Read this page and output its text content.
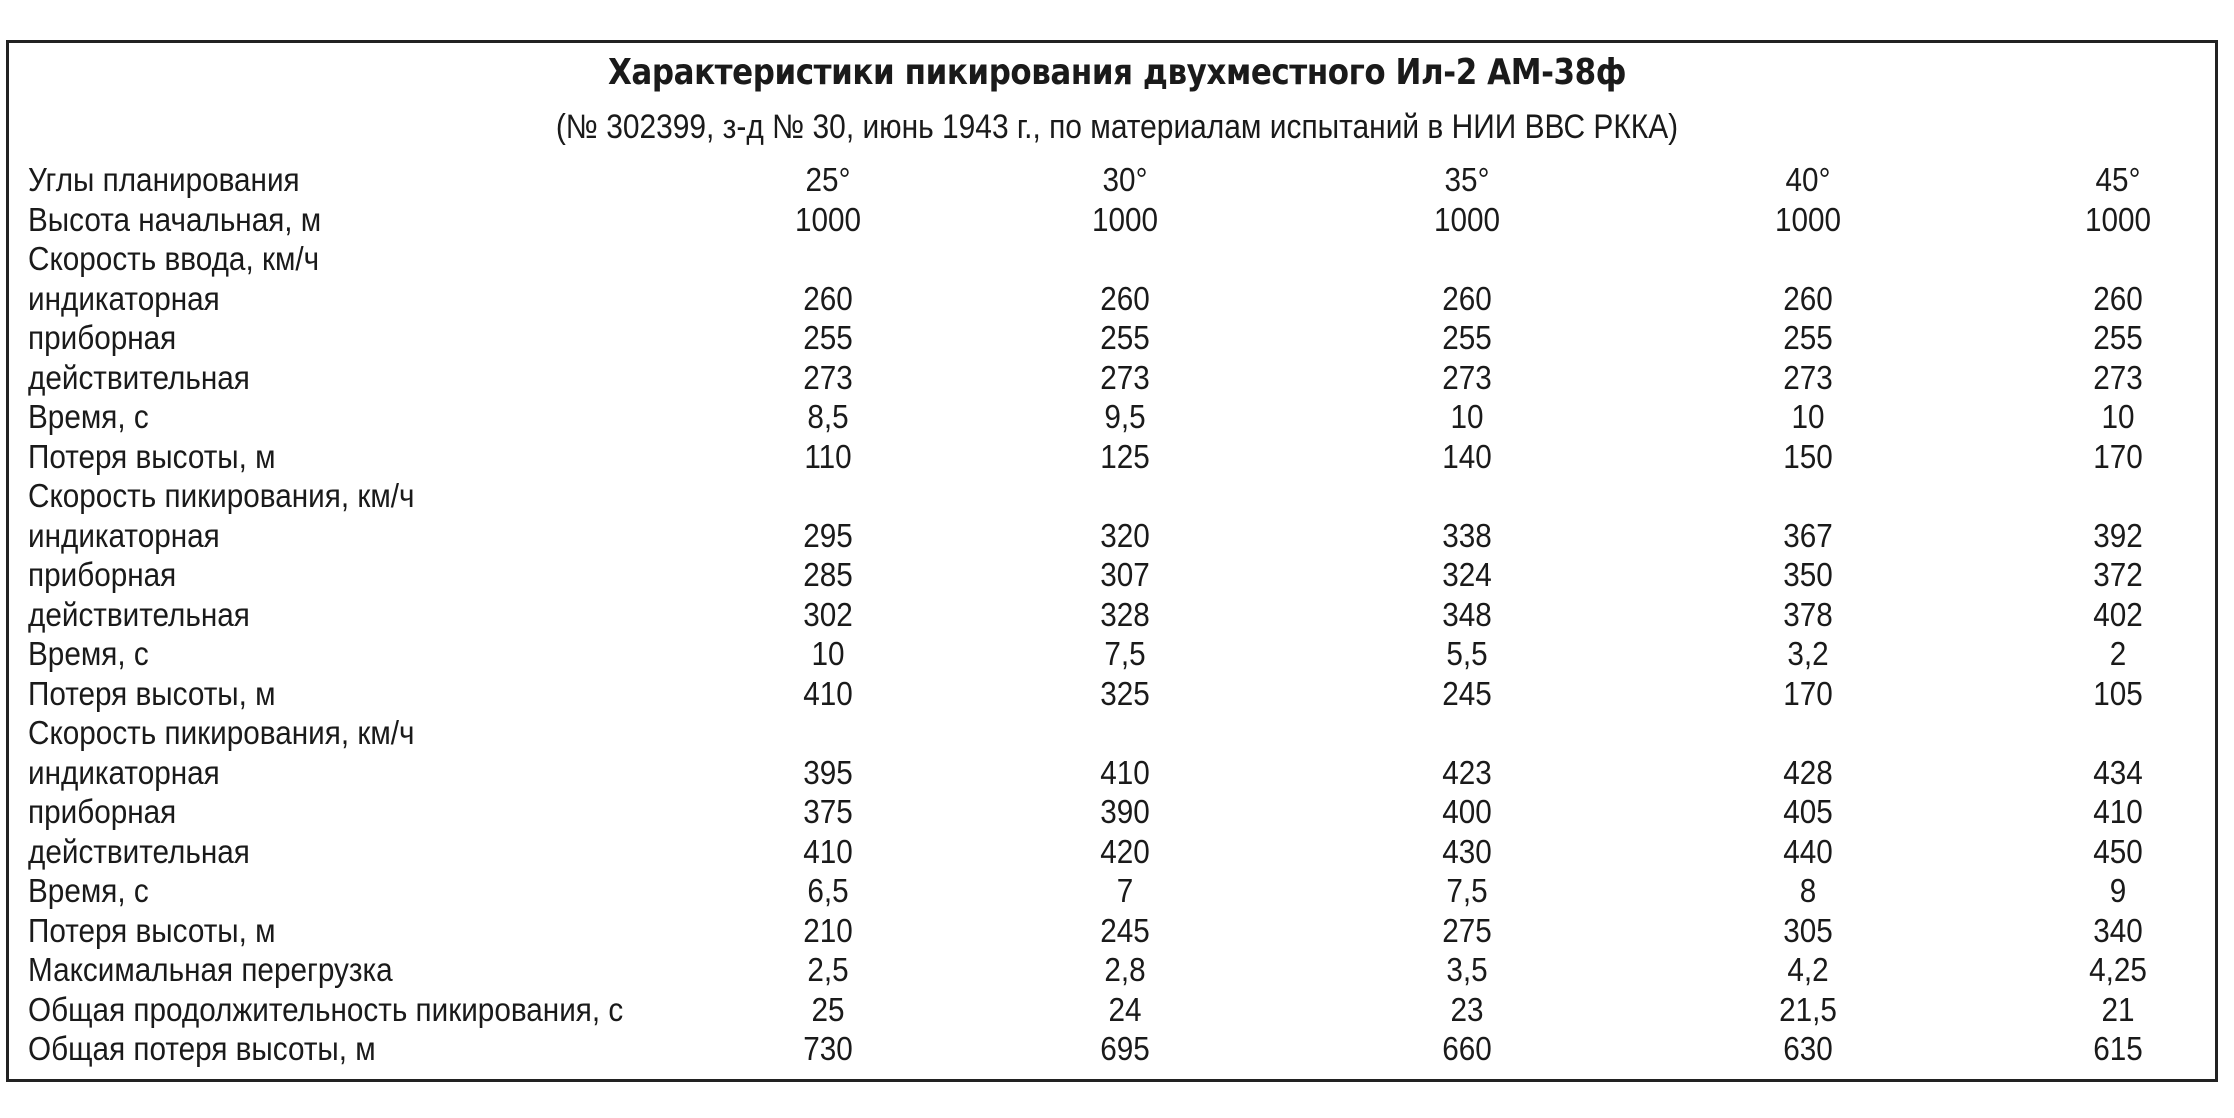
Характеристики пикирования двухместного Ил-2 АМ-38ф
(№ 302399, з-д № 30, июнь 1943 г., по материалам испытаний в НИИ ВВС РККА)
Углы планирования	25°	30°	35°	40°	45°
Высота начальная, м	1000	1000	1000	1000	1000
Скорость ввода, км/ч
индикаторная	260	260	260	260	260
приборная	255	255	255	255	255
действительная	273	273	273	273	273
Время, с	8,5	9,5	10	10	10
Потеря высоты, м	110	125	140	150	170
Скорость пикирования, км/ч
индикаторная	295	320	338	367	392
приборная	285	307	324	350	372
действительная	302	328	348	378	402
Время, с	10	7,5	5,5	3,2	2
Потеря высоты, м	410	325	245	170	105
Скорость пикирования, км/ч
индикаторная	395	410	423	428	434
приборная	375	390	400	405	410
действительная	410	420	430	440	450
Время, с	6,5	7	7,5	8	9
Потеря высоты, м	210	245	275	305	340
Максимальная перегрузка	2,5	2,8	3,5	4,2	4,25
Общая продолжительность пикирования, с	25	24	23	21,5	21
Общая потеря высоты, м	730	695	660	630	615
